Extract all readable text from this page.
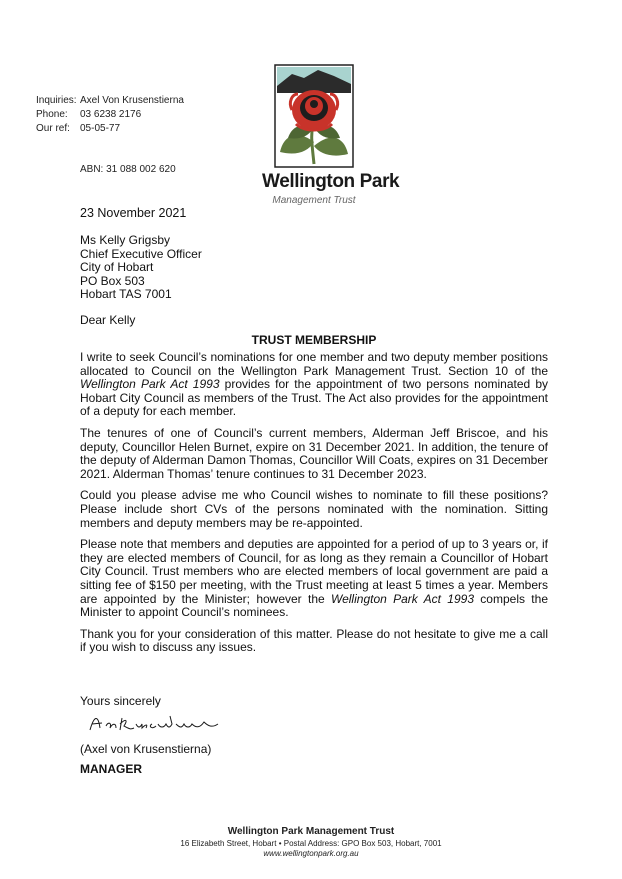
Inquiries: Axel Von Krusenstierna
Phone:	03 6238 2176
Our ref:	05-05-77
ABN: 31 088 002 620
Wellington Park
Management Trust
23 November 2021
Ms Kelly Grigsby
Chief Executive Officer
City of Hobart
PO Box 503
Hobart TAS 7001
Dear Kelly
TRUST MEMBERSHIP

I write to seek Council’s nominations for one member and two deputy member positions allocated to Council on the Wellington Park Management Trust. Section 10 of the Wellington Park Act 1993 provides for the appointment of two persons nominated by Hobart City Council as members of the Trust. The Act also provides for the appointment of a deputy for each member.

The tenures of one of Council’s current members, Alderman Jeff Briscoe, and his deputy, Councillor Helen Burnet, expire on 31 December 2021. In addition, the tenure of the deputy of Alderman Damon Thomas, Councillor Will Coats, expires on 31 December 2021. Alderman Thomas’ tenure continues to 31 December 2023.

Could you please advise me who Council wishes to nominate to fill these positions? Please include short CVs of the persons nominated with the nomination. Sitting members and deputy members may be re-appointed.

Please note that members and deputies are appointed for a period of up to 3 years or, if they are elected members of Council, for as long as they remain a Councillor of Hobart City Council. Trust members who are elected members of local government are paid a sitting fee of $150 per meeting, with the Trust meeting at least 5 times a year. Members are appointed by the Minister; however the Wellington Park Act 1993 compels the Minister to appoint Council’s nominees.

Thank you for your consideration of this matter. Please do not hesitate to give me a call if you wish to discuss any issues.

Yours sincerely
(Axel von Krusenstierna)
MANAGER
Wellington Park Management Trust
16 Elizabeth Street, Hobart • Postal Address: GPO Box 503, Hobart, 7001
www.wellingtonpark.org.au
